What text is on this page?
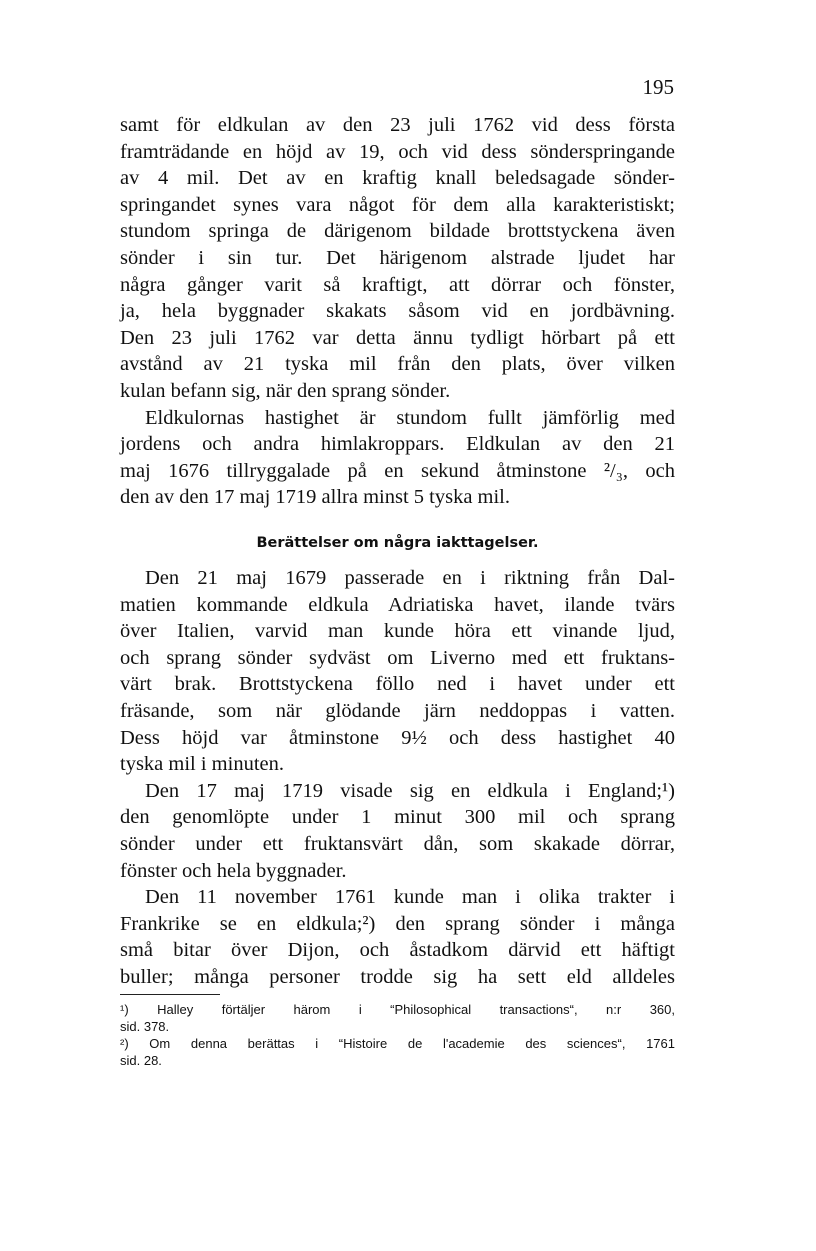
195
samt för eldkulan av den 23 juli 1762 vid dess första
framträdande en höjd av 19, och vid dess sönderspringande
av 4 mil. Det av en kraftig knall beledsagade sönder-
springandet synes vara något för dem alla karakteristiskt;
stundom springa de därigenom bildade brottstyckena även
sönder i sin tur. Det härigenom alstrade ljudet har
några gånger varit så kraftigt, att dörrar och fönster,
ja, hela byggnader skakats såsom vid en jordbävning.
Den 23 juli 1762 var detta ännu tydligt hörbart på ett
avstånd av 21 tyska mil från den plats, över vilken
kulan befann sig, när den sprang sönder.
Eldkulornas hastighet är stundom fullt jämförlig med
jordens och andra himlakroppars. Eldkulan av den 21
maj 1676 tillryggalade på en sekund åtminstone ²/₃, och
den av den 17 maj 1719 allra minst 5 tyska mil.
Berättelser om några iakttagelser.
Den 21 maj 1679 passerade en i riktning från Dal-
matien kommande eldkula Adriatiska havet, ilande tvärs
över Italien, varvid man kunde höra ett vinande ljud,
och sprang sönder sydväst om Liverno med ett fruktans-
värt brak. Brottstyckena föllo ned i havet under ett
fräsande, som när glödande järn neddoppas i vatten.
Dess höjd var åtminstone 9½ och dess hastighet 40
tyska mil i minuten.
Den 17 maj 1719 visade sig en eldkula i England;¹)
den genomlöpte under 1 minut 300 mil och sprang
sönder under ett fruktansvärt dån, som skakade dörrar,
fönster och hela byggnader.
Den 11 november 1761 kunde man i olika trakter i
Frankrike se en eldkula;²) den sprang sönder i många
små bitar över Dijon, och åstadkom därvid ett häftigt
buller; många personer trodde sig ha sett eld alldeles
¹) Halley förtäljer härom i “Philosophical transactions“, n:r 360,
sid. 378.
²) Om denna berättas i “Histoire de l'academie des sciences“, 1761
sid. 28.
